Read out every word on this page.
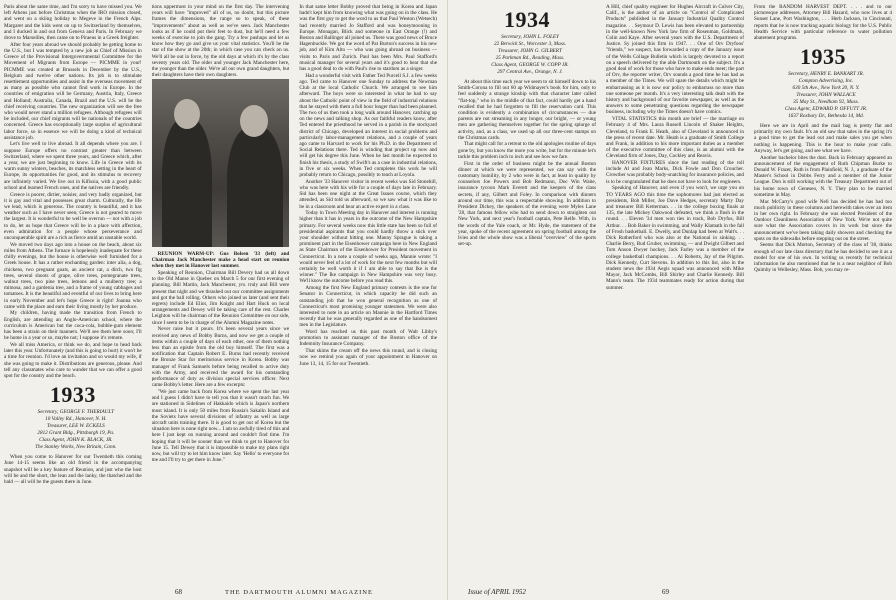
Paris about the same time, and I'm sorry to have missed you. We left Athens just before Christmas when the IRO mission closed, and went on a skiing holiday to Megeve in the French Alps. Margaret and the kids went on up to Switzerland by themselves, and I ducked in and out from Geneva and Paris. In February we drove to Marseilles, then came on to Piraeus in a Greek freighter.

After four years abroad we should probably be getting home to the U.S., but I was tempted by a new job as Chief of Mission in Greece of the Provisional Intergovernmental Committee for the Movement of Migrants from Europe — PICMME in your! PICMME was created at Brussels in December by the U.S., Belgium and twelve other nations. Its job is to stimulate resettlement opportunities and assist in the overseas movement of as many as possible who cannot find work in Europe. In the countries of emigration will be Germany, Austria, Italy, Greece and Holland; Australia, Canada, Brazil and the U.S. will be the chief receiving countries. The new organization will see the free who would never stand a million refugees. Although refugees will be included, our chief migrants will be nationals of the countries concerned. Greece has exceptionally large surplus of agricultural labor force, so in essence we will be doing a kind of technical assistance job.

Let's live well to live abroad. It all depends where you are. I suppose Europe offers no contrast greater than between Switzerland, where we spent three years, and Greece which, after a year, we are just beginning to know. Life in Greece with its warm sunny winters, beaches, its matchless setting in the heart of Europe, its opportunities for good, and its stimulus to recovery are infinitely varied. We live out in Kifissia, with a good public school and learned French ones, and the natives are friendly.

Greece is poorer, dirtier, noisier, and very badly organized, but it is gay and vital and possesses great charm. Culturally, the life we lead, which is generous. The country is beautiful, and it has weather such as I have never seen; Greece is not geared to move the largest. It is wonderful to be well be overrun — not with a job to do, let us hope that Greece will be in a place with affection, even admiration for a people whose perseverance and unconquerable spirit are a rich as fierce amid an unstable world.

We moved two days ago into a house on the beach, about six miles from Athens. The furnace is hopelessly inadequate for these chilly evenings, but the house is otherwise well furnished for a Greek house. It has a rather enchanting garden: inter alia, a dog, chickens, two pregnant goats, an ancient cat, a ditch, two fig trees, several shoots of grape, olive trees, pomegranate trees, walnut trees, two pine trees, lemons and a mulberry tree; a mimosa, and a gardenia tree, and a frame of young cabbages and tomatoes. It is the beautiful and eventful of our lives to bring here in early November and let's hope Greece is right! Joanna who came with the place and earn their living mostly by her produce.

My children, having made the transition from French to English, are attending an Anglo-American school, where the curriculum is American but the coca-cola, bubble-gum element has been a strain on their manners. We'll see them here soon; I'll be home in a year or so, maybe not; I suppose it's remote.

We all miss America, or think we do, and hope to head back later this year. Unfortunately (and this is going to hurt) it won't be a time for reunion. I'd love an invitation and so would my wife, if she was going to make it. Distributions are generous, please. And tell any classmates who care to wander that we can offer a good spot for the country and the beach.

1933

Secretary, GEORGE F. THERIAULT

10 Valley Rd., Hanover, N. H.

Treasurer, LEE W. ECKELS

2812 Grant Bldg., Pittsburgh 19, Pa.

Class Agent, JOHN K. BLACK, JR.

The Stanley Works, New Britain, Conn.

When you come to Hanover for our Twentieth this coming June 14-15 seems like an old friend in the accompanying snapshot will be a key feature of Reunion, and just who the host will be and the short, the lean and the lanky, the thatched and the bald — all will be the guests there in June.

tions uppermost in your mind on the first day. The intervening years will have "improved" all of us, no doubt, but this picture frames the dimensions, the range so to speak, of these "improvements" about as well as we've seen. Jack Manchester looks as if he could put their feet to dust, but he'll need a few weeks of exercise to join the gang. Try a few pushups and let us know how they go and give us your vital statistics. You'll be the star of the show at the 20th; in which case you can check on us. We'll all be out in force, by the old days at which it's by the class seventy years old. The older and younger Jack Manchester here, the younger than the older. We're all our own grand daughters, but their daughters have their own daughters.

REUNION WARM-UP: Gus Bolsen '33 (left) and Chairman Jack Manchester make a head start on reunion when they met in Hanover last summer.

Speaking of Reunion, Chairman Bill Devery had us all down to the Old Manse in Quebec on March 5 for our first evening of planning. Bill Martin, Jack Manchester, yrs. truly and Bill were present that night and we thrashed out our committee assignments and got the ball rolling. Others who joined us later (and sent their regrets) include Ed Eliot, Jim Knight and Hart Huck on local arrangements and Dewey will be taking care of the rest. Charles Leighton will be chairman of the Reunion Committee on our side, since I seem to be in charge of the Alumni Magazine notes.

Never raise but it pours. It's been several years since we received any news of Bobby Burns, and now we get a couple of items within a couple of days of each other, one of them nothing less than an epistle from the old boy himself. The first was a notification that Captain Robert E. Burns had recently received the Bronze Star for meritorious service in Korea. Bobby was manager of Frank Samuels before being recalled to active duty with the Army, and received the award for his outstanding performance of duty as division special services officer. Next came Bobby's letter. Here are a few excerpts:

"We just came back from Korea where we spent the last year and I guess I didn't have to tell you that it wasn't much fun. We are stationed in Sidelines of Hakkaido which is Japan's northern most island. It is only 50 miles from Russia's Sakalin Island and the Soviets have several divisions of infantry as well as large aircraft units training there. It is good to get out of Korea but the situation here is none right now... I am so awfully tired of this and here I just kept on running around and couldn't find time. I'm hoping that it will be sooner than we think to get to Hanover for June 15. Tell Dewey that it is impossible to make my plans right now, but will try to let him know later. Say 'Hello' to everyone for me and I'll try to get there in June."

In that same letter Bobby proved that being in Korea and Japan hadn't kept him from knowing what was going on in the class. He was the first guy to get the word to us that Paul Weston (Wetsech) had recently married Jo Stafford and was honeymooning in Europe. Monagan, Blick and someone in East Orange (!) and Boston and Ballinger all joined us. There was good news of Bruce Hagenbuckle. We got the word of Pat Burton's success in his new job, and of Kim Alto — who was going abroad on business — visits to Paris and Zurich. Paul has been Mrs. Paul Stafford's musical manager for several years and it's good to hear that she has a good deal to do with Paul's rise to stardom as a singer.

Had a wonderful visit with Father Ted Purcell S.J. a few weeks ago. Ted came to Hanover one Sunday to address the Newman Club at the local Catholic Church. We arranged to see him afterward. The boys were so interested in what he had to say about the Catholic point of view in the field of industrial relations that he stayed with them a full hour longer than had been planned. The two of us then took a long walk around Hanover, catching up on the news and talking shop. As our faithful readers know, after Ted entered the priesthood he served in a parish in the stockyard district of Chicago, developed an interest in social problems and particularly labor-management relations, and a couple of years ago came to Harvard to work for his Ph.D. in the Department of Social Relations there. Ted is winding that project up now and will get his degree this June. When he last month he expected to finish his thesis, a study of Swift's as a case in industrial relations, in five or six weeks. When Ted completes this work he will probably return to Chicago, possibly to teach at Loyola.

Another '33 Hanover visitor in recent weeks was Sid Stonehill, who was here with his wife for a couple of days late in February. Sid has been one night at the Great Issues course, which they attended, as Sid told us afterward, so we saw what it was like to be in a classroom and hear an active expert in a class.

Today in Town Meeting day in Hanover and interest is running higher than it has in years in the outcome of the New Hampshire primary. For several weeks now this little state has been so full of presidential aspirants that you could hardly throw a stick over your shoulder without hitting one. Manny Sprague is taking a prominent part in the Eisenhower campaign here in New England as State Chairman of the Eisenhower for President movement in Connecticut. In a note a couple of weeks ago, Mannie wrote: "I would never feel of a lot of work for the next few months but will certainly be well worth it if I am able to say that Ike is the winner." The Ike campaign in New Hampshire was very busy. We'll know the outcome before you read this.

Among the first New England primary contests is the one for Senator in Connecticut, in which capacity he did such an outstanding job that he won general recognition as one of Connecticut's most promising younger statesmen. We were also interested to note in an article on Mannie in the Hartford Times recently that he was generally regarded as one of the handsomest men in the Legislature.

Word has reached us this past month of Walt Libby's promotion to assistant manager of the Boston office of the Indemnity Insurance Company.

That skims the cream off the news this round, and is closing now we remind you again of your appointment in Hanover on June 13, 14, 15 for our Twentieth.

68	THE DARTMOUTH ALUMNI MAGAZINE
1934

Secretary, JOHN L. FOLEY

22 Berwick St., Worcester 3, Mass.

Treasurer, JOHN G. GILBERT

25 Parkman Rd., Reading, Mass.

Class Agent, GEORGE W. COPP JR.

297 Central Ave., Orange, N. J.

At about this time each year we seem to sit himself down to his Smith-Corona to fill out 60 ap Widmayer's book for him, only to feel suddenly a strange kinship with that character later called "flat-top," who in the middle of that fact, could hardly get a hand recalled that he had forgotten to fill the reservation card. This condition is evidently a combination of circumstances — due parents are not streaming in any longer, our bright, — or young men are gathering themselves together for the spring splurge of activity, and, as a class, we used up all our three-cent stamps on the Christmas cards.

That might call for a retreat to the old apologies routine of days gone by, but you know the more you write, but for the minute let's tackle this problem inch to inch and see how we fare.

First in the order of business might be the annual Boston dinner at which we were represented, we can say with the customary humility, by 2 who were in fact, at least in quality by counselors Joe Powers and Bob Redmann, Doc Win Waite, insurance tycoon Mark Everett and the keepers of the class secrets, if any, Gilbert and Foley. In comparison with dinners around our time, this was a respectable showing. In addition to President Dickey, the speakers of the evening were Myles Lane '28, that famous fellow who had to send down to straighten out New York, and next year's football captain, Pete Relfe. With, in the words of the Yale coach, or Mr. Hyde, the statement of the year, spoke of the recent agreement on spring football among the Ivies and the whole show was a liberal "overview" of the sports set-up.

A Hill, chief quality engineer for Hughes Aircraft in Culver City, Calif., is the author of an article on "Control of Complicated Products" published in the January Industrial Quality Control magazine. . . Seymour D. Lewis has been elevated to partnership in the well-known New York law firm of Rosenman, Goldmark, Colin and Kaye. After several years with the U.S. Department of Justice. Sy joined this firm in 1947. . . One of Orv Dryfoos' "friends," we suspect, has forwarded a copy of the January issue of the Wells Collage Bulletin which is largely devoted to a report on a speech delivered by the able Dartmouth on the subject. It's a good deal of work for those who have to make ends meet; the part of Orv, the reporter writer, Orv sounds a good time he has had as a member of the Times. We will spare the details which might be embarrassing as it is now our policy to embarrass no more than one someone per month. It's a very interesting talk dealt with the history and background of our favorite newspaper, as well as the answers to some penetrating questions regarding the newspaper business, including why the Times doesn't have comics.

VITAL STATISTICS this month are brief — the marriage on February 4 of Mrs. Laura Russell Lincoln of Shaker Heights, Cleveland, to Frank E. Heath, also of Cleveland is announced in the press of recent date. Mr. Heath is a graduate of Smith College and Frank, in addition to his more important duties as a member of the executive committee of this class, is an alumni with the Cleveland firm of Jones, Day, Cockley and Reavis.

HANOVER FIXTURES since the last reading of the roll include Al and Joan Marks, Dick Fowle and Don Croucher. Crowther was probably body-snatching for insurance policies, and is to be congratulated that he does not have to look for engineers.

Speaking of Hanover, and even if you won't, we urge you on TO YEARS AGO this time the sophomores had just elected as presidents, Bob Miller, Joe Dave Hedges, secretary Marty Day and treasurer Bill Ketterman. . . in the college boxing finals at 135, the late Mickey Oakwood defeated, we think a flush in the round. . . Eleven '34 men won ties in track, Bob Dryfus, Bill Arthur. . . Bob Baker in swimming, and Wally Klamath in the fall of Frosh basketball. E. Dwelly, and Dunlap had been at Walt's. . . Dick Rutherford who was also at the National in sinking. . . Charlie Berry, Bud Gruber, swimming, — and Dwight Gilbert and Tom Anson Dwyer hockey, Jack Farley was a member of the college basketball champions. . . Al Roberts, Jay of the Pilgrim. Dick Kennedy, Curt Stevens. In addition to this list, also in the student news the 1934 Aegis squad was announced with Mike Mayor, Jack McCombs, Bill Shirley and Charlie Kennedy. Bill Mann's team. The 1934 teammates ready for action during that summer.

From the RANDOM HARVEST DEPT. . . . and to our picturesque addresses, Attorney Bill Hazard, who now lives at 4 Sunset Lane, Port Washington, . . . Herb Jackson, in Cincinnati, reports that he is now tracking aquatic biology for the U.S. Public Health Service with particular reference to water pollution abatement programs.

1935

Secretary, HENRY E. BANKART JR.

Compton Advertising, Inc.

630 5th Ave., New York 20, N. Y.

Treasurer, JOHN WALLACE

35 May St., Needham 92, Mass.

Class Agent, EDWARD P. OFFUTT JR.

1637 Roxbury Dr., Bethesda 14, Md.

Here we are in April and the mail bag is pretty flat and primarily my own fault. It's an old saw that sales in the spring it's a good time to get the lead out and make sales you get when nothing is happening. This is the hour to make your calls. Anyway, let's get going, and see what we have.

Another bachelor bites the dust. Back in February appeared an announcement of the engagement of Ruth Chipman Burke to Donald W. Frazer, Ruth is from Plainfield, N. J., a graduate of the Master's School in Dobbs Ferry and a member of the Junior League. Don is still working with the Treasury Department out of his home town of Geneseo, N. Y. They plan to be married sometime in May.

Mac McCarty's good wife Nell has decided he has had too much publicity in these columns and herewith takes over an item in her own right. In February she was elected President of the Outdoor Cleanliness Association of New York. We're not quite sure what the Association covers in its work but since the announcement we've been taking daily showers and checking the spots on the sidewalks before stepping out on the street.

Seems that Dick Morton, Secretary of the class of '38, thinks enough of our late class directory that he has decided to use it as a model for one of his own. In writing us recently for technical information he also mentioned that he is a near neighbor of Bob Quimby in Wellesley, Mass. Bob, you may re-

Issue of APRIL 1952	69
